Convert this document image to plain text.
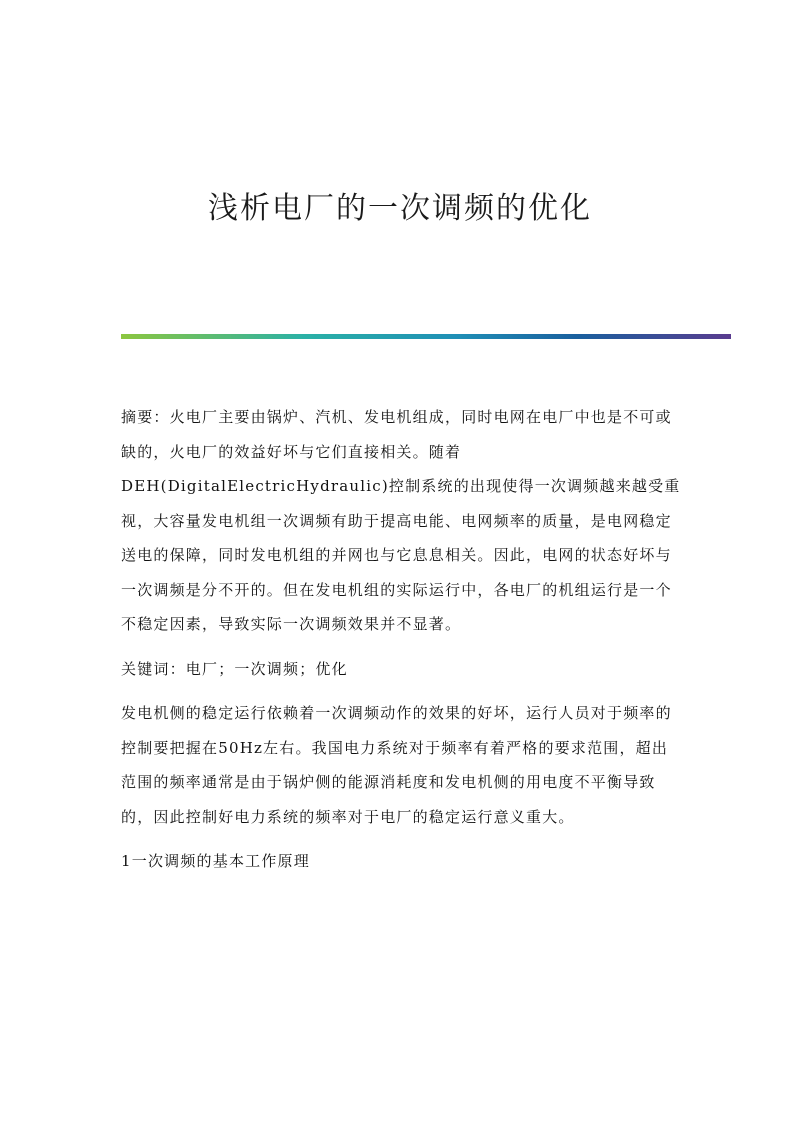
浅析电厂的一次调频的优化

摘要：火电厂主要由锅炉、汽机、发电机组成，同时电网在电厂中也是不可或缺的，火电厂的效益好坏与它们直接相关。随着

DEH(DigitalElectricHydraulic)控制系统的出现使得一次调频越来越受重视，大容量发电机组一次调频有助于提高电能、电网频率的质量，是电网稳定送电的保障，同时发电机组的并网也与它息息相关。因此，电网的状态好坏与一次调频是分不开的。但在发电机组的实际运行中，各电厂的机组运行是一个不稳定因素，导致实际一次调频效果并不显著。

关键词：电厂；一次调频；优化

发电机侧的稳定运行依赖着一次调频动作的效果的好坏，运行人员对于频率的控制要把握在50Hz左右。我国电力系统对于频率有着严格的要求范围，超出范围的频率通常是由于锅炉侧的能源消耗度和发电机侧的用电度不平衡导致的，因此控制好电力系统的频率对于电厂的稳定运行意义重大。

1一次调频的基本工作原理
